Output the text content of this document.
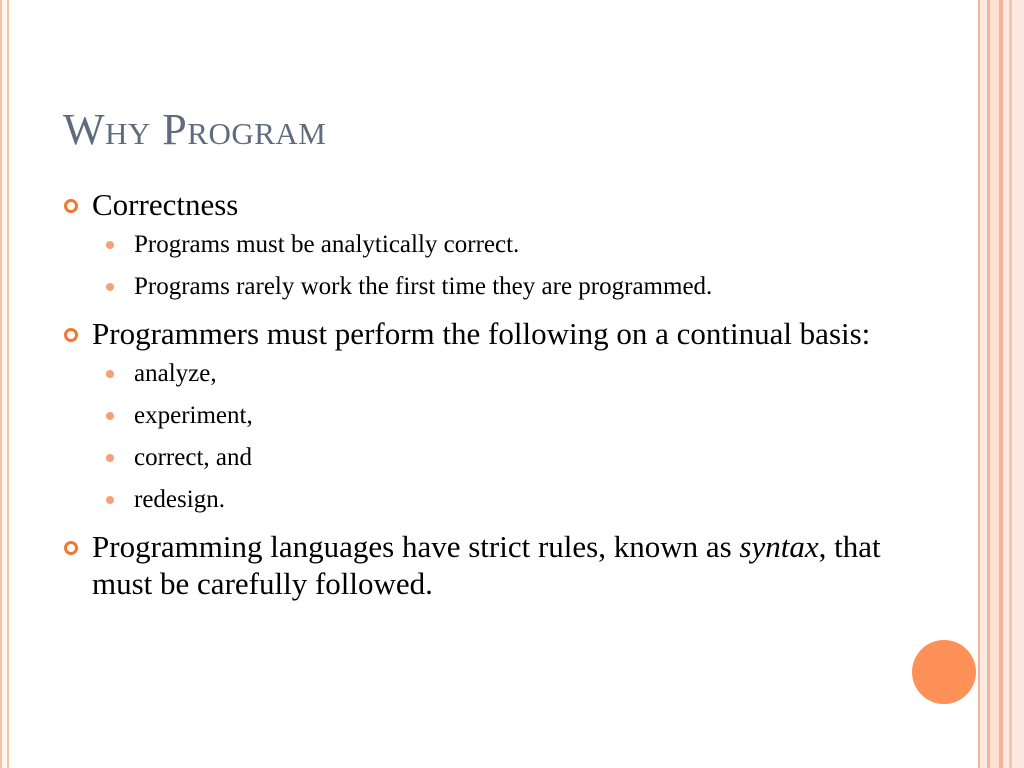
Why Program
Correctness
Programs must be analytically correct.
Programs rarely work the first time they are programmed.
Programmers must perform the following on a continual basis:
analyze,
experiment,
correct, and
redesign.
Programming languages have strict rules, known as syntax, that must be carefully followed.
